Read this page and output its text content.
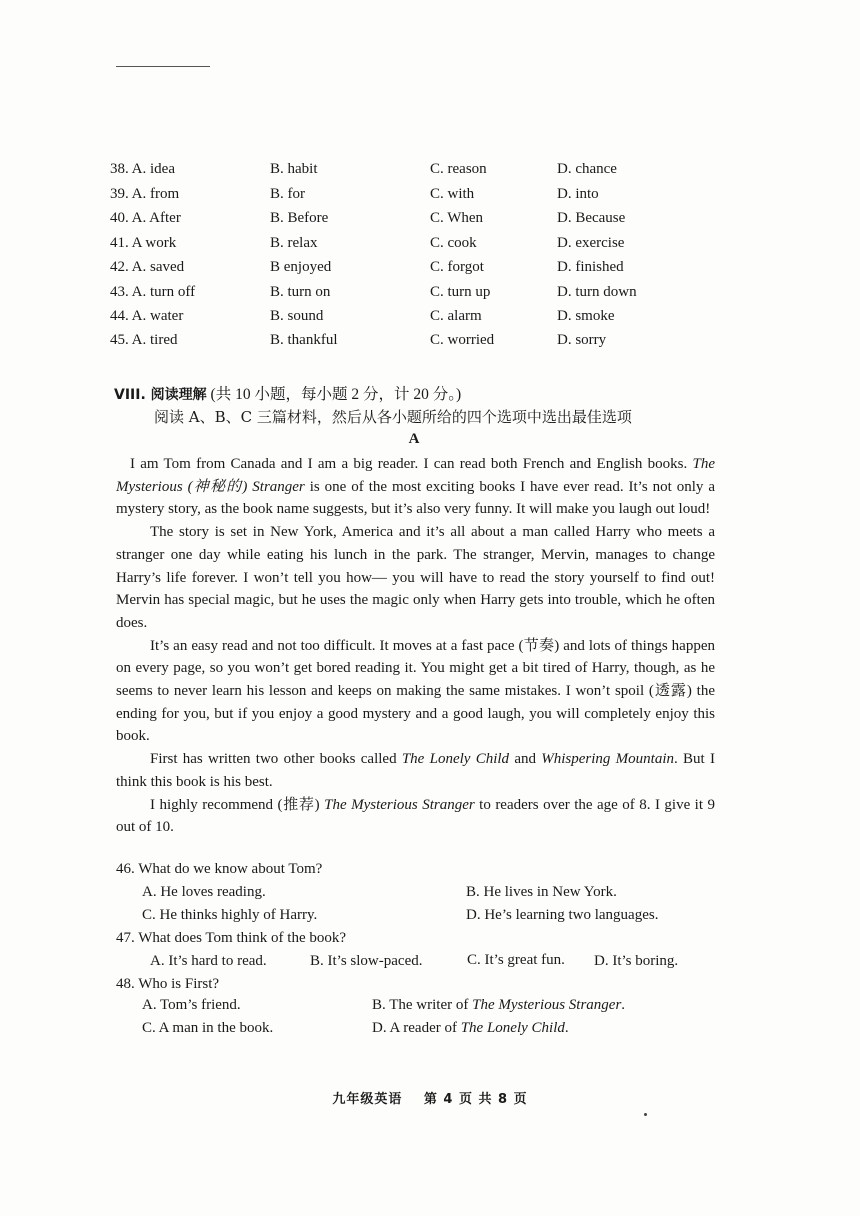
38. A. idea	B. habit	C. reason	D. chance
39. A. from	B. for	C. with	D. into
40. A. After	B. Before	C. When	D. Because
41. A work	B. relax	C. cook	D. exercise
42. A. saved	B enjoyed	C. forgot	D. finished
43. A. turn off	B. turn on	C. turn up	D. turn down
44. A. water	B. sound	C. alarm	D. smoke
45. A. tired	B. thankful	C. worried	D. sorry
VIII. 阅读理解 (共 10 小题，每小题 2 分，计 20 分。)
阅读 A、B、C 三篇材料，然后从各小题所给的四个选项中选出最佳选项
A

I am Tom from Canada and I am a big reader. I can read both French and English books. The Mysterious (神秘的) Stranger is one of the most exciting books I have ever read. It’s not only a mystery story, as the book name suggests, but it’s also very funny. It will make you laugh out loud!

The story is set in New York, America and it’s all about a man called Harry who meets a stranger one day while eating his lunch in the park. The stranger, Mervin, manages to change Harry’s life forever. I won’t tell you how— you will have to read the story yourself to find out! Mervin has special magic, but he uses the magic only when Harry gets into trouble, which he often does.

It’s an easy read and not too difficult. It moves at a fast pace (节奏) and lots of things happen on every page, so you won’t get bored reading it. You might get a bit tired of Harry, though, as he seems to never learn his lesson and keeps on making the same mistakes. I won’t spoil (透露) the ending for you, but if you enjoy a good mystery and a good laugh, you will completely enjoy this book.

First has written two other books called The Lonely Child and Whispering Mountain. But I think this book is his best.

I highly recommend (推荐) The Mysterious Stranger to readers over the age of 8. I give it 9 out of 10.

46. What do we know about Tom?
A. He loves reading.	B. He lives in New York.
C. He thinks highly of Harry.	D. He’s learning two languages.
47. What does Tom think of the book?
A. It’s hard to read.	B. It’s slow-paced.	C. It’s great fun. D. It’s boring.
48. Who is First?
A. Tom’s friend.	B. The writer of The Mysterious Stranger.
C. A man in the book.	D. A reader of The Lonely Child.
九年级英语 第 4 页 共 8 页
